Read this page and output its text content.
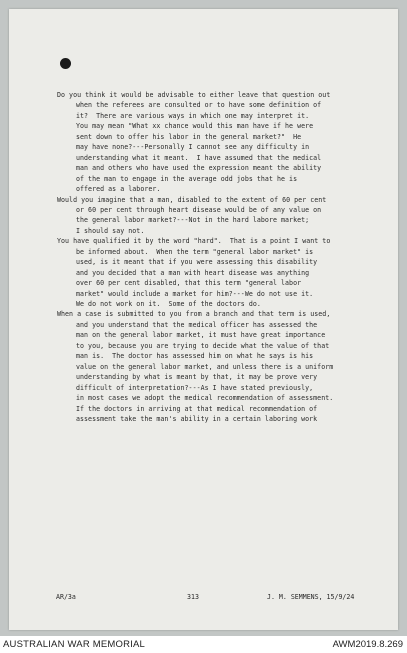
Do you think it would be advisable to either leave that question out
when the referees are consulted or to have some definition of
it?  There are various ways in which one may interpret it.
You may mean "What xx chance would this man have if he were
sent down to offer his labor in the general market?"  He
may have none?---Personally I cannot see any difficulty in
understanding what it meant.  I have assumed that the medical
man and others who have used the expression meant the ability
of the man to engage in the average odd jobs that he is
offered as a laborer.
Would you imagine that a man, disabled to the extent of 60 per cent
or 60 per cent through heart disease would be of any value on
the general labor market?---Not in the hard labore market;
I should say not.
You have qualified it by the word "hard".  That is a point I want to
be informed about.  When the term "general labor market" is
used, is it meant that if you were assessing this disability
and you decided that a man with heart disease was anything
over 60 per cent disabled, that this term "general labor
market" would include a market for him?---We do not use it.
We do not work on it.  Some of the doctors do.
When a case is submitted to you from a branch and that term is used,
and you understand that the medical officer has assessed the
man on the general labor market, it must have great importance
to you, because you are trying to decide what the value of that
man is.  The doctor has assessed him on what he says is his
value on the general labor market, and unless there is a uniform
understanding by what is meant by that, it may be prove very
difficult of interpretation?---As I have stated previously,
in most cases we adopt the medical recommendation of assessment.
If the doctors in arriving at that medical recommendation of
assessment take the man's ability in a certain laboring work
AR/3a	313	J. M. SEMMENS, 15/9/24
AUSTRALIAN WAR MEMORIAL	AWM2019.8.269
